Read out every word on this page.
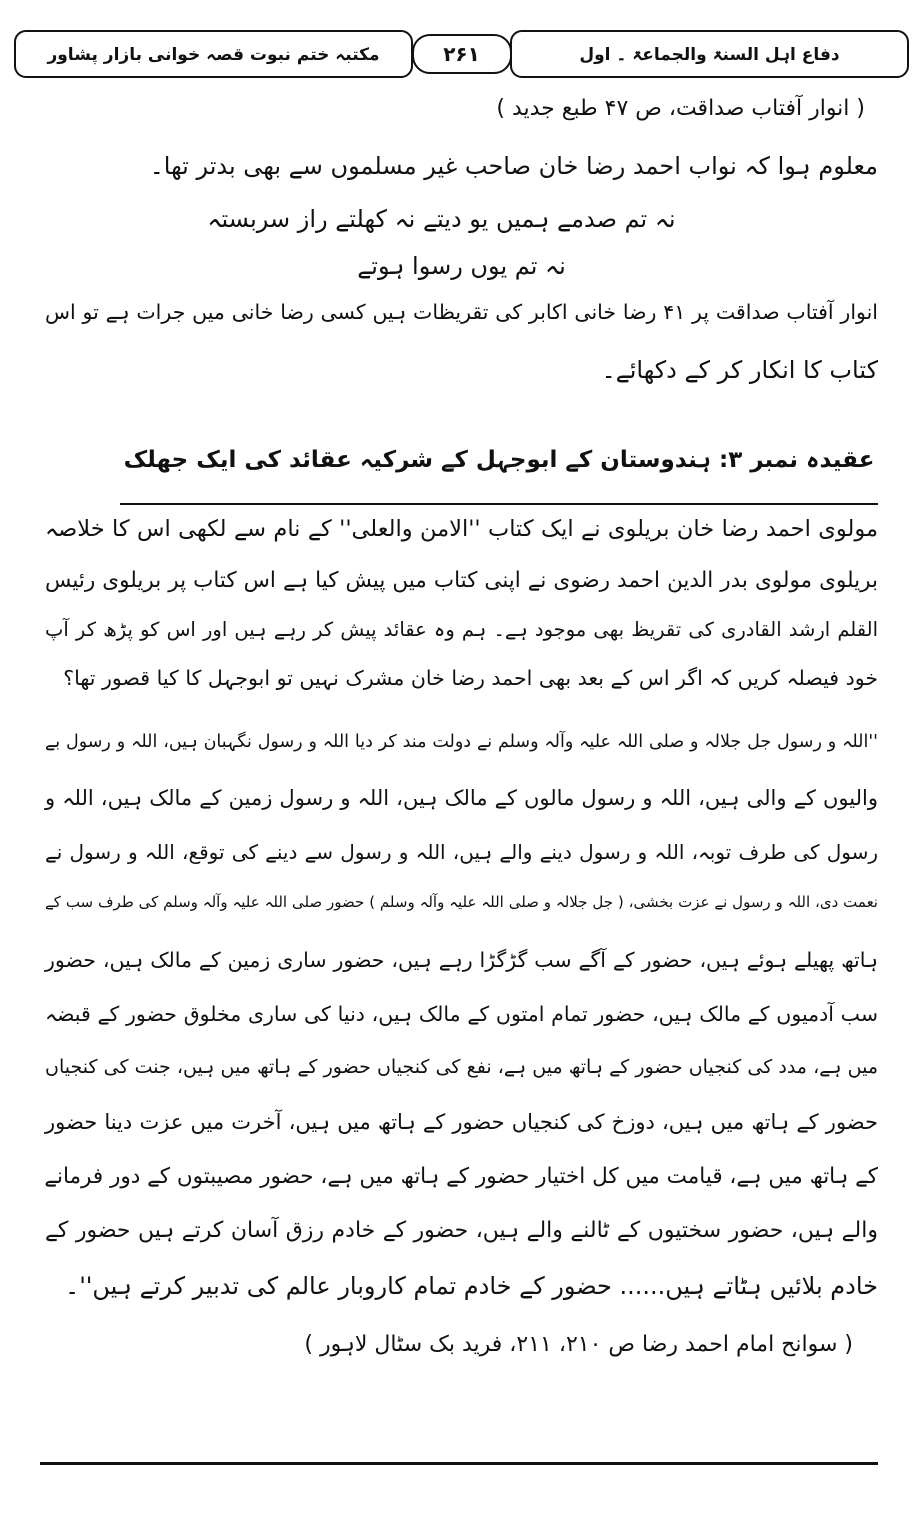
دفاع اہل السنۃ والجماعۃ ۔ اول
۲۶۱
مکتبہ ختم نبوت قصہ خوانی بازار پشاور
( انوار آفتاب صداقت، ص ۴۷ طبع جدید )
معلوم ہوا کہ نواب احمد رضا خان صاحب غیر مسلموں سے بھی بدتر تھا۔
نہ تم صدمے ہمیں یو دیتے نہ کھلتے راز سربستہ
نہ تم یوں رسوا ہوتے
انوار آفتاب صداقت پر ۴۱ رضا خانی اکابر کی تقریظات ہیں کسی رضا خانی میں جرات ہے تو اس
کتاب کا انکار کر کے دکھائے۔
عقیدہ نمبر ۳: ہندوستان کے ابوجہل کے شرکیہ عقائد کی ایک جھلک
مولوی احمد رضا خان بریلوی نے ایک کتاب ''الامن والعلی'' کے نام سے لکھی اس کا خلاصہ
بریلوی مولوی بدر الدین احمد رضوی نے اپنی کتاب میں پیش کیا ہے اس کتاب پر بریلوی رئیس
القلم ارشد القادری کی تقریظ بھی موجود ہے۔ ہم وہ عقائد پیش کر رہے ہیں اور اس کو پڑھ کر آپ
خود فیصلہ کریں کہ اگر اس کے بعد بھی احمد رضا خان مشرک نہیں تو ابوجہل کا کیا قصور تھا؟
''اللہ و رسول جل جلالہ و صلی اللہ علیہ وآلہ وسلم نے دولت مند کر دیا اللہ و رسول نگہبان ہیں، اللہ و رسول بے
والیوں کے والی ہیں، اللہ و رسول مالوں کے مالک ہیں، اللہ و رسول زمین کے مالک ہیں، اللہ و
رسول کی طرف توبہ، اللہ و رسول دینے والے ہیں، اللہ و رسول سے دینے کی توقع، اللہ و رسول نے
نعمت دی، اللہ و رسول نے عزت بخشی، ( جل جلالہ و صلی اللہ علیہ وآلہ وسلم ) حضور صلی اللہ علیہ وآلہ وسلم کی طرف سب کے
ہاتھ پھیلے ہوئے ہیں، حضور کے آگے سب گڑگڑا رہے ہیں، حضور ساری زمین کے مالک ہیں، حضور
سب آدمیوں کے مالک ہیں، حضور تمام امتوں کے مالک ہیں، دنیا کی ساری مخلوق حضور کے قبضہ
میں ہے، مدد کی کنجیاں حضور کے ہاتھ میں ہے، نفع کی کنجیاں حضور کے ہاتھ میں ہیں، جنت کی کنجیاں
حضور کے ہاتھ میں ہیں، دوزخ کی کنجیاں حضور کے ہاتھ میں ہیں، آخرت میں عزت دینا حضور
کے ہاتھ میں ہے، قیامت میں کل اختیار حضور کے ہاتھ میں ہے، حضور مصیبتوں کے دور فرمانے
والے ہیں، حضور سختیوں کے ٹالنے والے ہیں، حضور کے خادم رزق آسان کرتے ہیں حضور کے
خادم بلائیں ہٹاتے ہیں...... حضور کے خادم تمام کاروبار عالم کی تدبیر کرتے ہیں''۔
( سوانح امام احمد رضا ص ۲۱۰، ۲۱۱، فرید بک سٹال لاہور )
